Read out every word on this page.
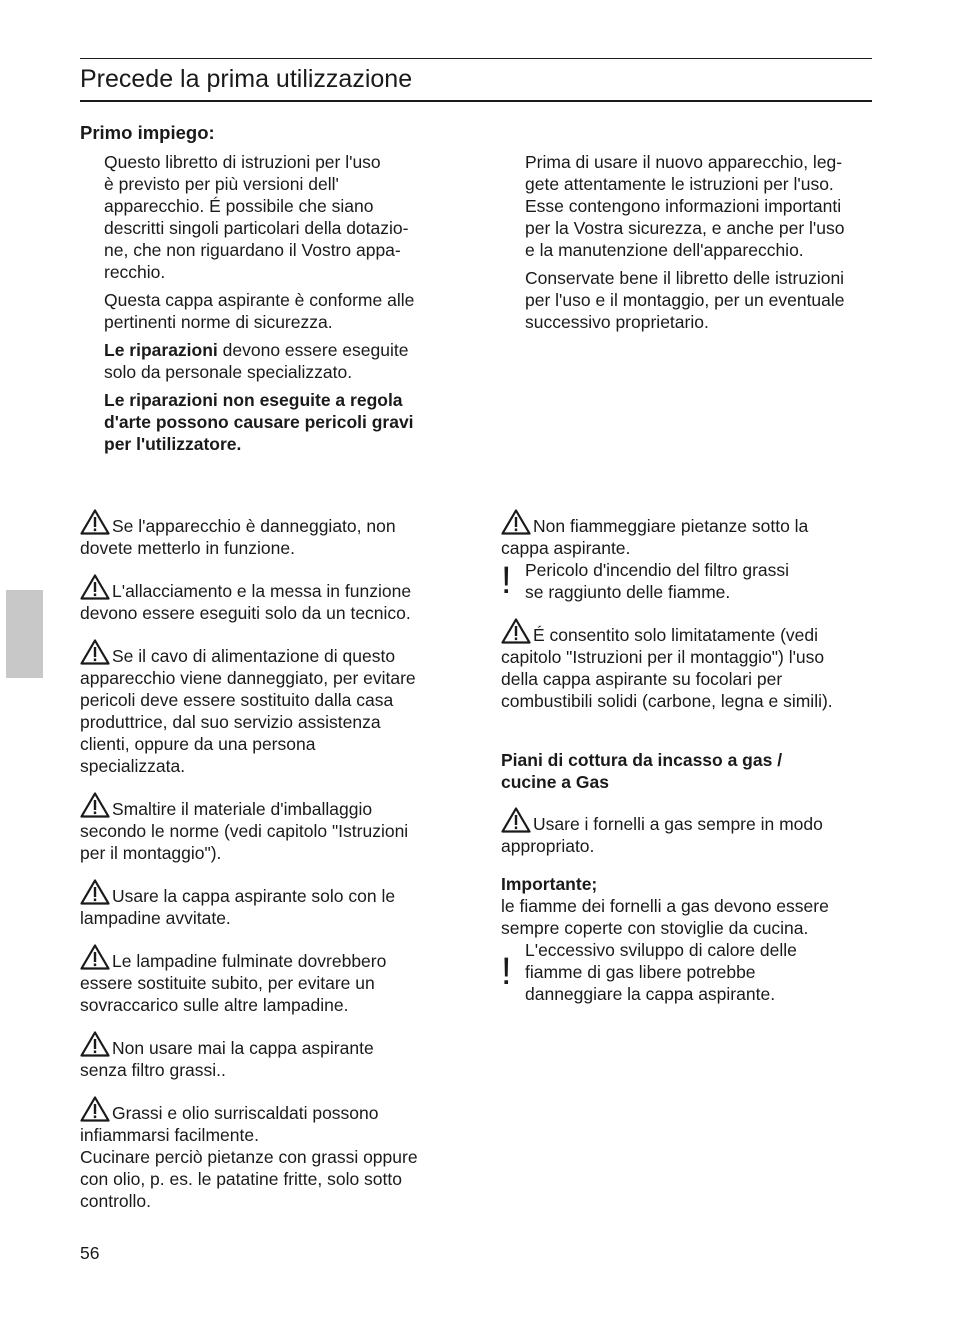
Precede la prima utilizzazione
Primo impiego:

Questo libretto di istruzioni per l'uso
è previsto per più versioni dell'
apparecchio. É possibile che siano
descritti singoli particolari della dotazio-
ne, che non riguardano il Vostro appa-
recchio.

Questa cappa aspirante è conforme alle
pertinenti norme di sicurezza.

Le riparazioni devono essere eseguite
solo da personale specializzato.

Le riparazioni non eseguite a regola
d'arte possono causare pericoli gravi
per l'utilizzatore.

Prima di usare il nuovo apparecchio, leg-
gete attentamente le istruzioni per l'uso.
Esse contengono informazioni importanti
per la Vostra sicurezza, e anche per l'uso
e la manutenzione dell'apparecchio.

Conservate bene il libretto delle istruzioni
per l'uso e il montaggio, per un eventuale
successivo proprietario.

Se l'apparecchio è danneggiato, non
dovete metterlo in funzione.
L'allacciamento e la messa in funzione
devono essere eseguiti solo da un tecnico.
Se il cavo di alimentazione di questo
apparecchio viene danneggiato, per evitare
pericoli deve essere sostituito dalla casa
produttrice, dal suo servizio assistenza
clienti, oppure da una persona
specializzata.
Smaltire il materiale d'imballaggio
secondo le norme (vedi capitolo "Istruzioni
per il montaggio").
Usare la cappa aspirante solo con le
lampadine avvitate.
Le lampadine fulminate dovrebbero
essere sostituite subito, per evitare un
sovraccarico sulle altre lampadine.
Non usare mai la cappa aspirante
senza filtro grassi..
Grassi e olio surriscaldati possono
infiammarsi facilmente.
Cucinare perciò pietanze con grassi oppure
con olio, p. es. le patatine fritte, solo sotto
controllo.
Non fiammeggiare pietanze sotto la
cappa aspirante.
! Pericolo d'incendio del filtro grassi
se raggiunto delle fiamme.
É consentito solo limitatamente (vedi
capitolo "Istruzioni per il montaggio") l'uso
della cappa aspirante su focolari per
combustibili solidi (carbone, legna e simili).
Piani di cottura da incasso a gas /
cucine a Gas
Usare i fornelli a gas sempre in modo
appropriato.
Importante;
le fiamme dei fornelli a gas devono essere
sempre coperte con stoviglie da cucina.
!
L'eccessivo sviluppo di calore delle
fiamme di gas libere potrebbe
danneggiare la cappa aspirante.
56
